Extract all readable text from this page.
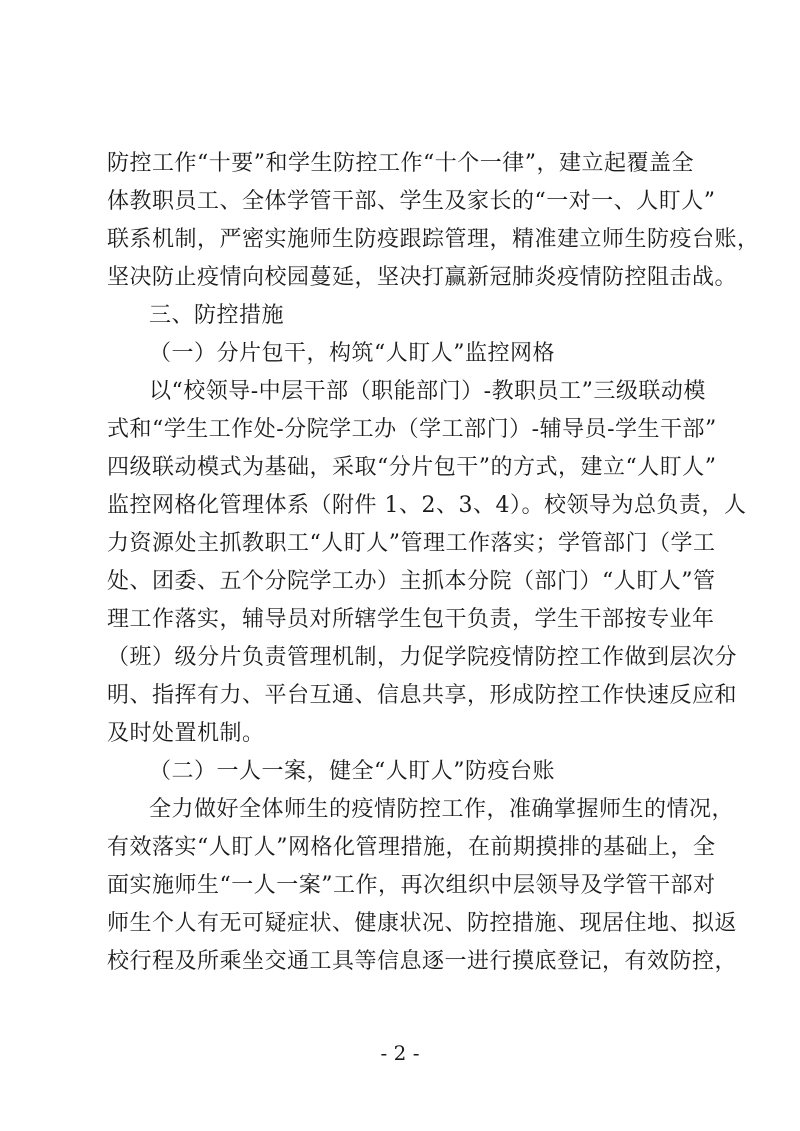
防控工作“十要”和学生防控工作“十个一律”，建立起覆盖全
体教职员工、全体学管干部、学生及家长的“一对一、人盯人”
联系机制，严密实施师生防疫跟踪管理，精准建立师生防疫台账，
坚决防止疫情向校园蔓延，坚决打赢新冠肺炎疫情防控阻击战。
三、防控措施
（一）分片包干，构筑“人盯人”监控网格
以“校领导-中层干部（职能部门）-教职员工”三级联动模
式和“学生工作处-分院学工办（学工部门）-辅导员-学生干部”
四级联动模式为基础，采取“分片包干”的方式，建立“人盯人”
监控网格化管理体系（附件 1、2、3、4）。校领导为总负责，人
力资源处主抓教职工“人盯人”管理工作落实；学管部门（学工
处、团委、五个分院学工办）主抓本分院（部门）“人盯人”管
理工作落实，辅导员对所辖学生包干负责，学生干部按专业年
（班）级分片负责管理机制，力促学院疫情防控工作做到层次分
明、指挥有力、平台互通、信息共享，形成防控工作快速反应和
及时处置机制。
（二）一人一案，健全“人盯人”防疫台账
全力做好全体师生的疫情防控工作，准确掌握师生的情况，
有效落实“人盯人”网格化管理措施，在前期摸排的基础上，全
面实施师生“一人一案”工作，再次组织中层领导及学管干部对
师生个人有无可疑症状、健康状况、防控措施、现居住地、拟返
校行程及所乘坐交通工具等信息逐一进行摸底登记，有效防控，
- 2 -
